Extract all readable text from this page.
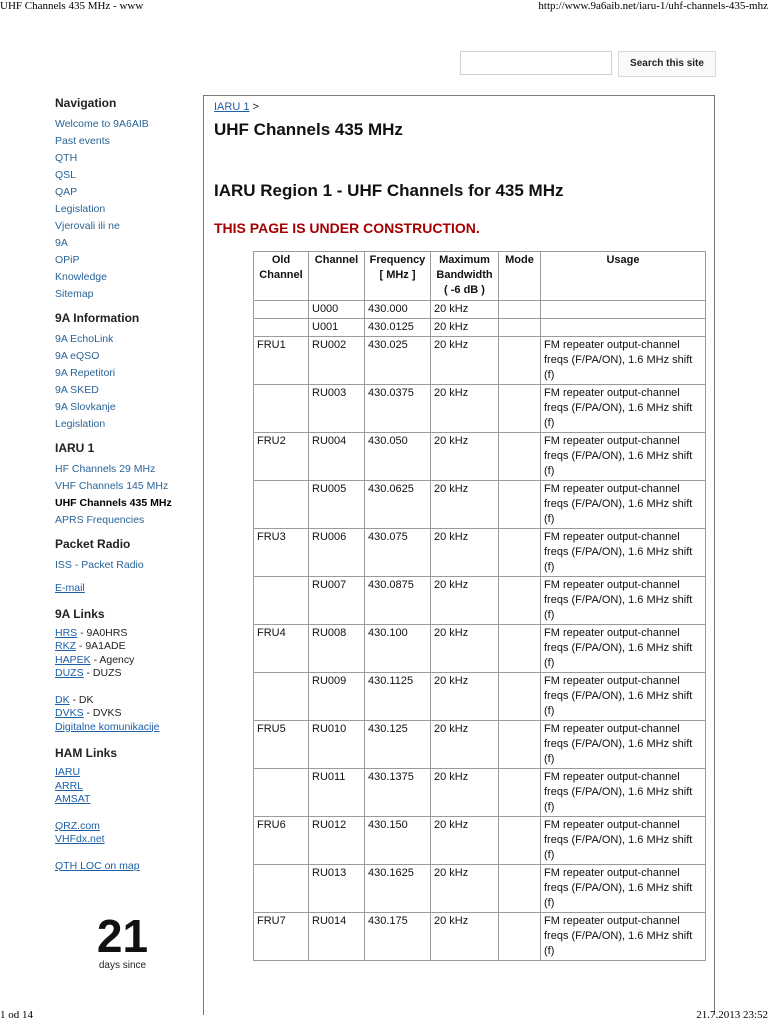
UHF Channels 435 MHz - www	http://www.9a6aib.net/iaru-1/uhf-channels-435-mhz
Search this site
Navigation
Welcome to 9A6AIB
Past events
QTH
QSL
QAP
Legislation
Vjerovali ili ne
9A
OPiP
Knowledge
Sitemap
9A Information
9A EchoLink
9A eQSO
9A Repetitori
9A SKED
9A Slovkanje
Legislation
IARU 1
HF Channels 29 MHz
VHF Channels 145 MHz
UHF Channels 435 MHz
APRS Frequencies
Packet Radio
ISS - Packet Radio
E-mail
9A Links
HRS - 9A0HRS
RKZ - 9A1ADE
HAPEK - Agency
DUZS - DUZS
DK - DK
DVKS - DVKS
Digitalne komunikacije
HAM Links
IARU
ARRL
AMSAT
QRZ.com
VHFdx.net
QTH LOC on map
21
days since
IARU 1 >
UHF Channels 435 MHz
IARU Region 1 - UHF Channels for 435 MHz
THIS PAGE IS UNDER CONSTRUCTION.
Old Channel	Channel	Frequency [ MHz ]	Maximum Bandwidth ( -6 dB )	Mode	Usage
	U000	430.000	20 kHz		
	U001	430.0125	20 kHz		
FRU1	RU002	430.025	20 kHz		FM repeater output-channel freqs (F/PA/ON), 1.6 MHz shift (f)
	RU003	430.0375	20 kHz		FM repeater output-channel freqs (F/PA/ON), 1.6 MHz shift (f)
FRU2	RU004	430.050	20 kHz		FM repeater output-channel freqs (F/PA/ON), 1.6 MHz shift (f)
	RU005	430.0625	20 kHz		FM repeater output-channel freqs (F/PA/ON), 1.6 MHz shift (f)
FRU3	RU006	430.075	20 kHz		FM repeater output-channel freqs (F/PA/ON), 1.6 MHz shift (f)
	RU007	430.0875	20 kHz		FM repeater output-channel freqs (F/PA/ON), 1.6 MHz shift (f)
FRU4	RU008	430.100	20 kHz		FM repeater output-channel freqs (F/PA/ON), 1.6 MHz shift (f)
	RU009	430.1125	20 kHz		FM repeater output-channel freqs (F/PA/ON), 1.6 MHz shift (f)
FRU5	RU010	430.125	20 kHz		FM repeater output-channel freqs (F/PA/ON), 1.6 MHz shift (f)
	RU011	430.1375	20 kHz		FM repeater output-channel freqs (F/PA/ON), 1.6 MHz shift (f)
FRU6	RU012	430.150	20 kHz		FM repeater output-channel freqs (F/PA/ON), 1.6 MHz shift (f)
	RU013	430.1625	20 kHz		FM repeater output-channel freqs (F/PA/ON), 1.6 MHz shift (f)
FRU7	RU014	430.175	20 kHz		FM repeater output-channel freqs (F/PA/ON), 1.6 MHz shift (f)
1 od 14	21.7.2013 23:52
